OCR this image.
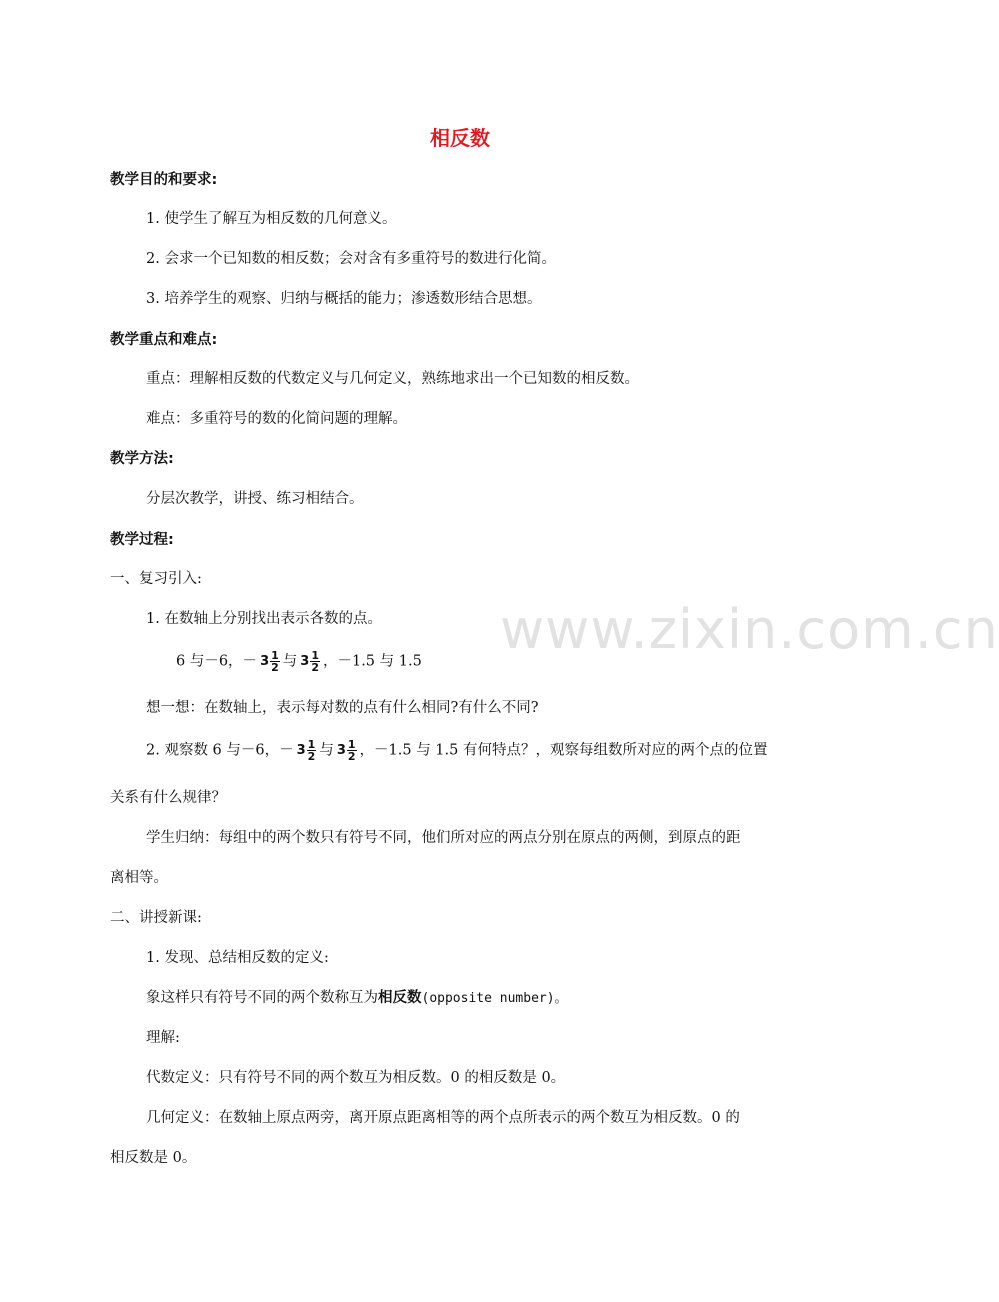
www.zixin.com.cn
相反数
教学目的和要求:
1. 使学生了解互为相反数的几何意义。
2. 会求一个已知数的相反数；会对含有多重符号的数进行化简。
3. 培养学生的观察、归纳与概括的能力；渗透数形结合思想。
教学重点和难点:
重点：理解相反数的代数定义与几何定义，熟练地求出一个已知数的相反数。
难点：多重符号的数的化简问题的理解。
教学方法:
分层次教学，讲授、练习相结合。
教学过程:
一、复习引入:
1. 在数轴上分别找出表示各数的点。
6 与－6，－ $3 \frac{1}{2}$ 与 $3 \frac{1}{2}$ ，－1.5 与 1.5
想一想：在数轴上，表示每对数的点有什么相同?有什么不同?
2. 观察数 6 与－6，－ $3 \frac{1}{2}$ 与 $3 \frac{1}{2}$ ，－1.5 与 1.5 有何特点？，观察每组数所对应的两个点的位置
关系有什么规律？
学生归纳：每组中的两个数只有符号不同，他们所对应的两点分别在原点的两侧，到原点的距
离相等。
二、讲授新课:
1. 发现、总结相反数的定义:
象这样只有符号不同的两个数称互为相反数(opposite number)。
理解:
代数定义：只有符号不同的两个数互为相反数。0 的相反数是 0。
几何定义：在数轴上原点两旁，离开原点距离相等的两个点所表示的两个数互为相反数。0 的
相反数是 0。
